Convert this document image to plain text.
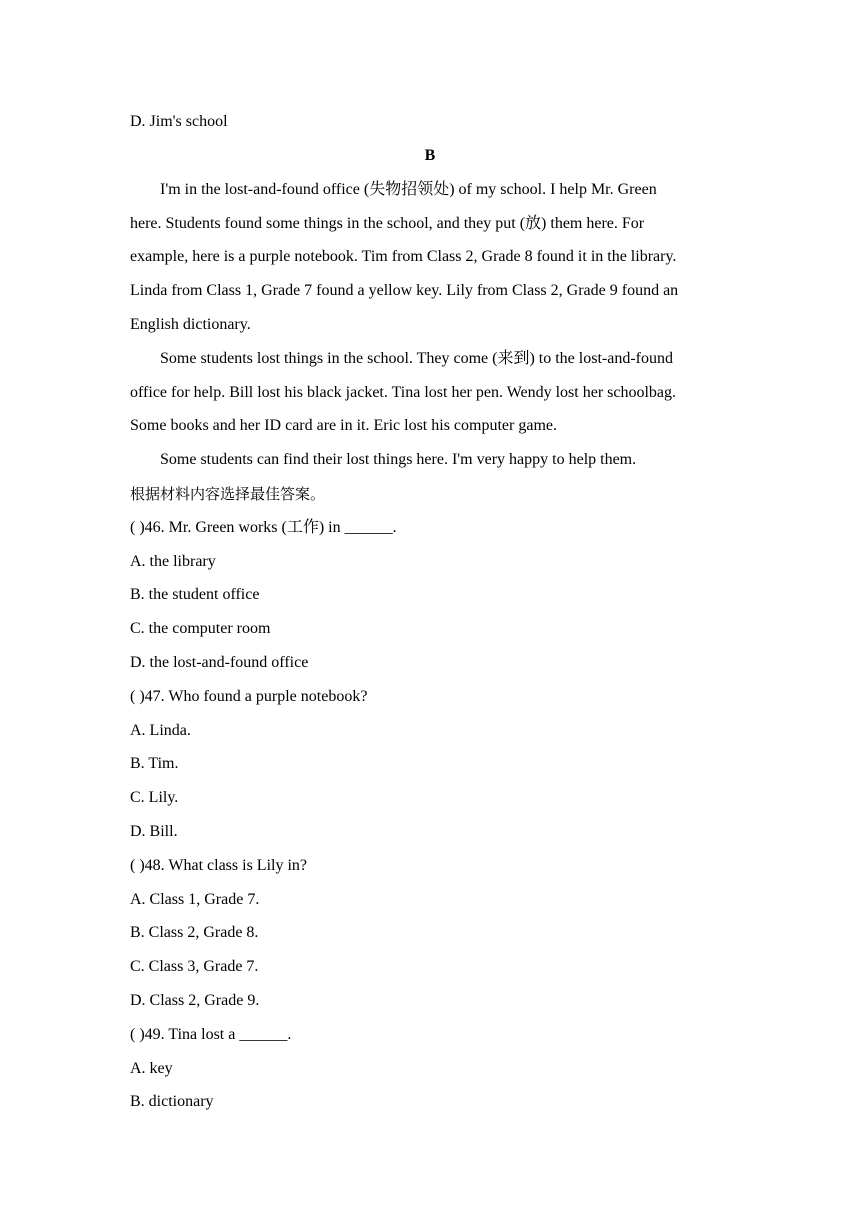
D. Jim's school
B
I'm in the lost-and-found office (失物招领处) of my school. I help Mr. Green
here. Students found some things in the school, and they put (放) them here. For
example, here is a purple notebook. Tim from Class 2, Grade 8 found it in the library.
Linda from Class 1, Grade 7 found a yellow key. Lily from Class 2, Grade 9 found an
English dictionary.
Some students lost things in the school. They come (来到) to the lost-and-found
office for help. Bill lost his black jacket. Tina lost her pen. Wendy lost her schoolbag.
Some books and her ID card are in it. Eric lost his computer game.
Some students can find their lost things here. I'm very happy to help them.
根据材料内容选择最佳答案。
( )46. Mr. Green works (工作) in ______.
A. the library
B. the student office
C. the computer room
D. the lost-and-found office
( )47. Who found a purple notebook?
A. Linda.
B. Tim.
C. Lily.
D. Bill.
( )48. What class is Lily in?
A. Class 1, Grade 7.
B. Class 2, Grade 8.
C. Class 3, Grade 7.
D. Class 2, Grade 9.
( )49. Tina lost a ______.
A. key
B. dictionary
